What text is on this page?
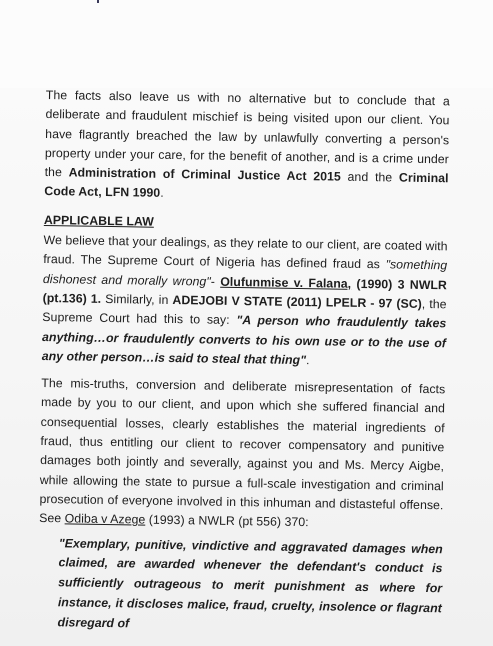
The facts also leave us with no alternative but to conclude that a deliberate and fraudulent mischief is being visited upon our client. You have flagrantly breached the law by unlawfully converting a person's property under your care, for the benefit of another, and is a crime under the Administration of Criminal Justice Act 2015 and the Criminal Code Act, LFN 1990.

APPLICABLE LAW

We believe that your dealings, as they relate to our client, are coated with fraud. The Supreme Court of Nigeria has defined fraud as "something dishonest and morally wrong"- Olufunmise v. Falana, (1990) 3 NWLR (pt.136) 1. Similarly, in ADEJOBI V STATE (2011) LPELR - 97 (SC), the Supreme Court had this to say: "A person who fraudulently takes anything…or fraudulently converts to his own use or to the use of any other person…is said to steal that thing".

The mis-truths, conversion and deliberate misrepresentation of facts made by you to our client, and upon which she suffered financial and consequential losses, clearly establishes the material ingredients of fraud, thus entitling our client to recover compensatory and punitive damages both jointly and severally, against you and Ms. Mercy Aigbe, while allowing the state to pursue a full-scale investigation and criminal prosecution of everyone involved in this inhuman and distasteful offense. See Odiba v Azege (1993) a NWLR (pt 556) 370:

"Exemplary, punitive, vindictive and aggravated damages when claimed, are awarded whenever the defendant's conduct is sufficiently outrageous to merit punishment as where for instance, it discloses malice, fraud, cruelty, insolence or flagrant disregard of
